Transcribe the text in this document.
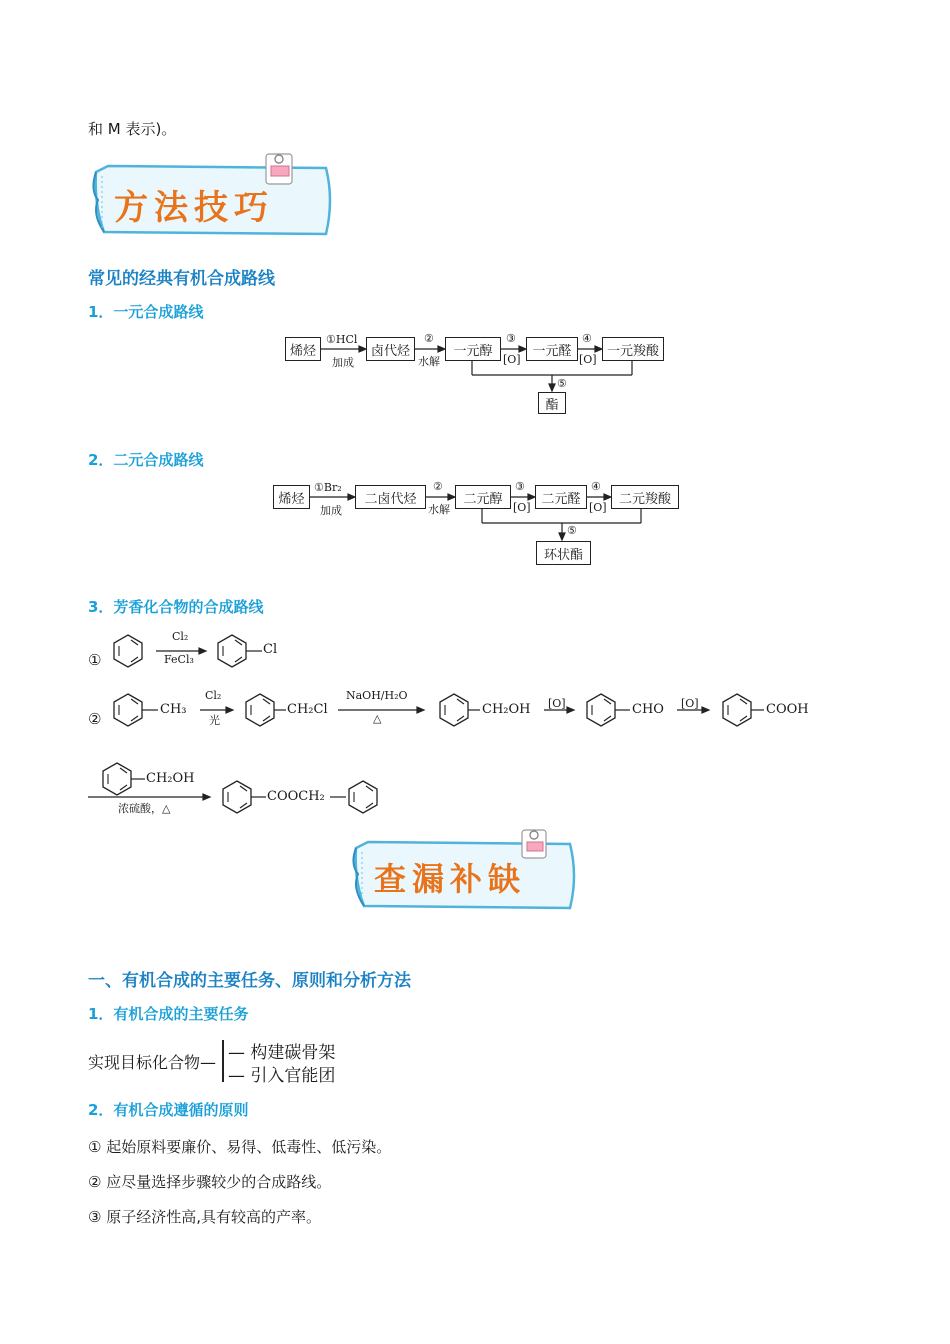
和 M 表示)。
方法技巧
常见的经典有机合成路线
1．一元合成路线
烯烃	卤代烃	一元醇	一元醛	一元羧酸
酯
①HCl
加成
②
水解
③
[O]
④
[O]
⑤
2．二元合成路线
烯烃	二卤代烃	二元醇	二元醛	二元羧酸
环状酯
①Br₂
加成
②
水解
③
[O]
④
[O]
⑤
3．芳香化合物的合成路线
①
Cl₂
FeCl₃
Cl
②
CH₃
Cl₂
光
CH₂Cl
NaOH/H₂O
△
CH₂OH [O]	CHO [O]	COOH
CH₂OH
浓硫酸，△
COOCH₂
查漏补缺
一、有机合成的主要任务、原则和分析方法
1．有机合成的主要任务
实现目标化合物— — 构建碳骨架
— 引入官能团
2．有机合成遵循的原则
① 起始原料要廉价、易得、低毒性、低污染。
② 应尽量选择步骤较少的合成路线。
③ 原子经济性高,具有较高的产率。
